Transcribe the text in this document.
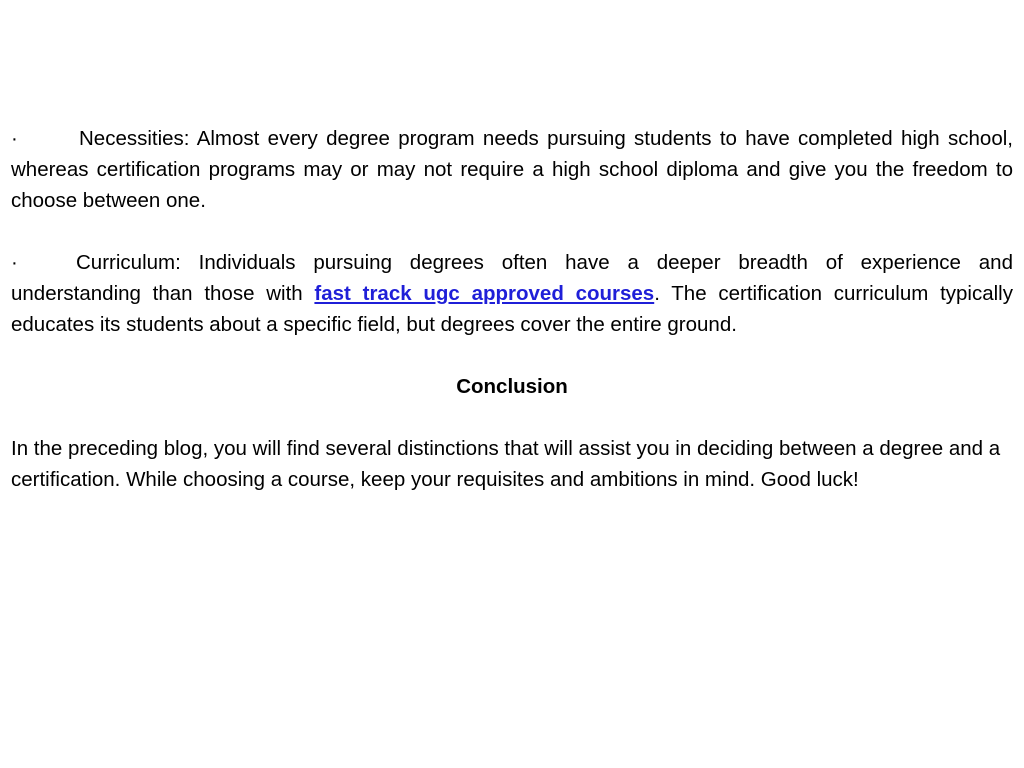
·	Necessities: Almost every degree program needs pursuing students to have completed high school, whereas certification programs may or may not require a high school diploma and give you the freedom to choose between one.

·	Curriculum: Individuals pursuing degrees often have a deeper breadth of experience and understanding than those with fast track ugc approved courses. The certification curriculum typically educates its students about a specific field, but degrees cover the entire ground.

Conclusion

In the preceding blog, you will find several distinctions that will assist you in deciding between a degree and a certification. While choosing a course, keep your requisites and ambitions in mind. Good luck!
